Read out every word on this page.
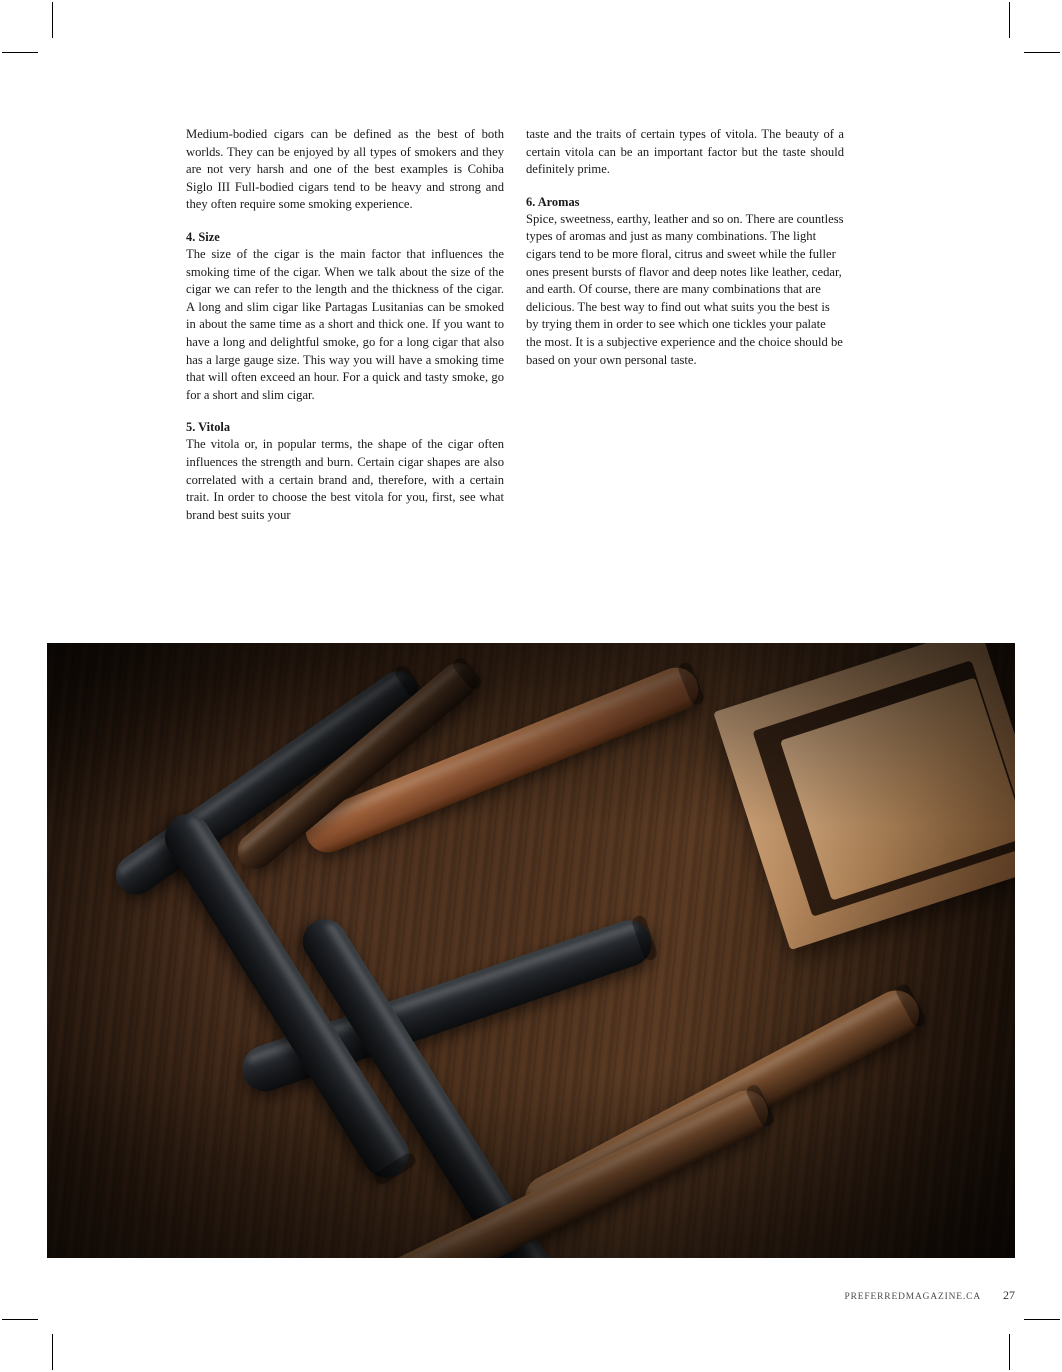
Medium-bodied cigars can be defined as the best of both worlds. They can be enjoyed by all types of smokers and they are not very harsh and one of the best examples is Cohiba Siglo III Full-bodied cigars tend to be heavy and strong and they often require some smoking experience.

4. Size

The size of the cigar is the main factor that influences the smoking time of the cigar. When we talk about the size of the cigar we can refer to the length and the thickness of the cigar. A long and slim cigar like Partagas Lusitanias can be smoked in about the same time as a short and thick one. If you want to have a long and delightful smoke, go for a long cigar that also has a large gauge size. This way you will have a smoking time that will often exceed an hour. For a quick and tasty smoke, go for a short and slim cigar.

5. Vitola

The vitola or, in popular terms, the shape of the cigar often influences the strength and burn. Certain cigar shapes are also correlated with a certain brand and, therefore, with a certain trait. In order to choose the best vitola for you, first, see what brand best suits your

taste and the traits of certain types of vitola. The beauty of a certain vitola can be an important factor but the taste should definitely prime.

6. Aromas

Spice, sweetness, earthy, leather and so on. There are countless types of aromas and just as many combinations. The light cigars tend to be more floral, citrus and sweet while the fuller ones present bursts of flavor and deep notes like leather, cedar, and earth. Of course, there are many combinations that are delicious. The best way to find out what suits you the best is by trying them in order to see which one tickles your palate the most. It is a subjective experience and the choice should be based on your own personal taste.

PREFERREDMAGAZINE.CA 27
